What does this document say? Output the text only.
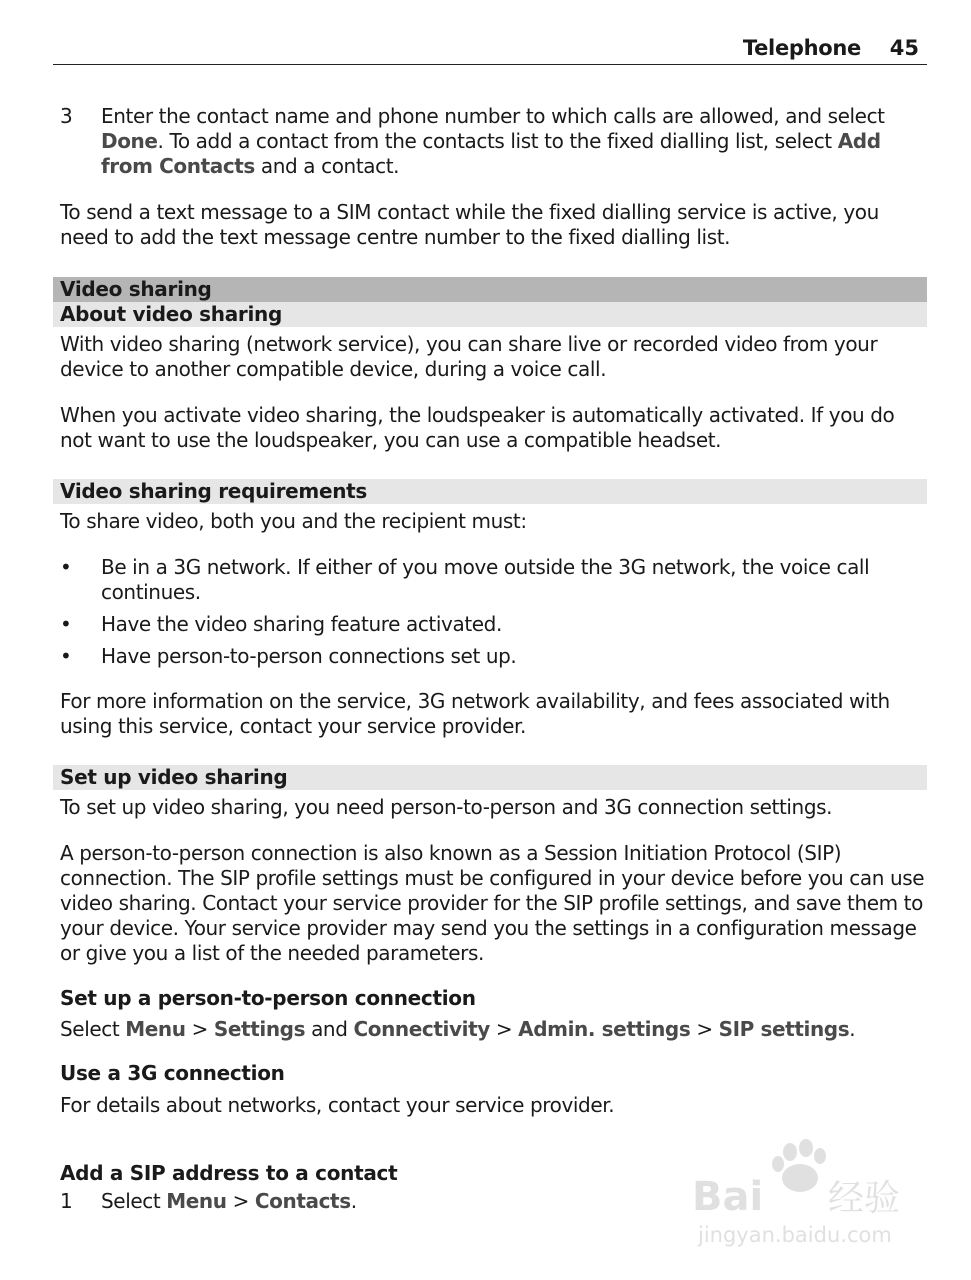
Telephone 45
3 Enter the contact name and phone number to which calls are allowed, and select Done. To add a contact from the contacts list to the fixed dialling list, select Add from Contacts and a contact.

To send a text message to a SIM contact while the fixed dialling service is active, you need to add the text message centre number to the fixed dialling list.

Video sharing
About video sharing

With video sharing (network service), you can share live or recorded video from your device to another compatible device, during a voice call.

When you activate video sharing, the loudspeaker is automatically activated. If you do not want to use the loudspeaker, you can use a compatible headset.

Video sharing requirements

To share video, both you and the recipient must:

• Be in a 3G network. If either of you move outside the 3G network, the voice call continues.
• Have the video sharing feature activated.
• Have person-to-person connections set up.

For more information on the service, 3G network availability, and fees associated with using this service, contact your service provider.

Set up video sharing

To set up video sharing, you need person-to-person and 3G connection settings.

A person-to-person connection is also known as a Session Initiation Protocol (SIP) connection. The SIP profile settings must be configured in your device before you can use video sharing. Contact your service provider for the SIP profile settings, and save them to your device. Your service provider may send you the settings in a configuration message or give you a list of the needed parameters.

Set up a person-to-person connection
Select Menu > Settings and Connectivity > Admin. settings > SIP settings.
Use a 3G connection

For details about networks, contact your service provider.

Add a SIP address to a contact
1 Select Menu > Contacts.	Bai du 经验
jingyan.baidu.com
